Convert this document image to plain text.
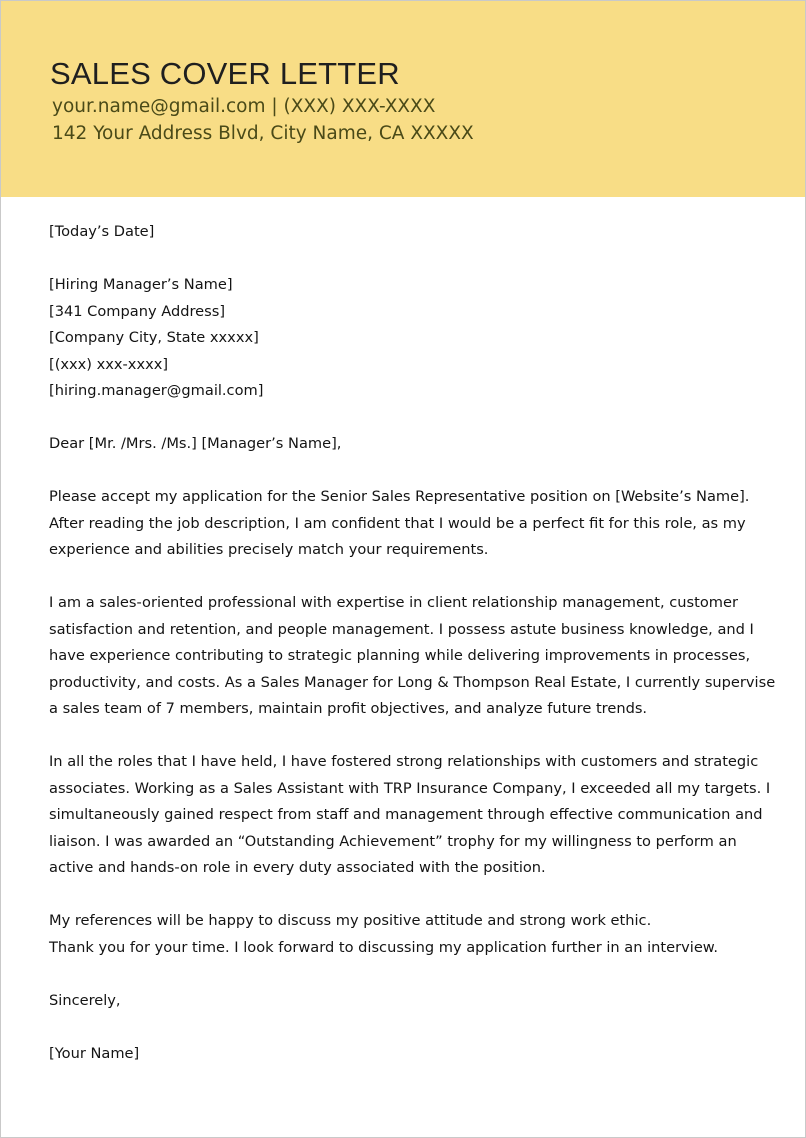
SALES COVER LETTER
your.name@gmail.com | (XXX) XXX-XXXX
142 Your Address Blvd, City Name, CA XXXXX
[Today’s Date]
[Hiring Manager’s Name]
[341 Company Address]
[Company City, State xxxxx]
[(xxx) xxx-xxxx]
[hiring.manager@gmail.com]
Dear [Mr. /Mrs. /Ms.] [Manager’s Name],
Please accept my application for the Senior Sales Representative position on [Website’s Name].
After reading the job description, I am confident that I would be a perfect fit for this role, as my
experience and abilities precisely match your requirements.
I am a sales-oriented professional with expertise in client relationship management, customer
satisfaction and retention, and people management. I possess astute business knowledge, and I
have experience contributing to strategic planning while delivering improvements in processes,
productivity, and costs. As a Sales Manager for Long & Thompson Real Estate, I currently supervise
a sales team of 7 members, maintain profit objectives, and analyze future trends.
In all the roles that I have held, I have fostered strong relationships with customers and strategic
associates. Working as a Sales Assistant with TRP Insurance Company, I exceeded all my targets. I
simultaneously gained respect from staff and management through effective communication and
liaison. I was awarded an “Outstanding Achievement” trophy for my willingness to perform an
active and hands-on role in every duty associated with the position.
My references will be happy to discuss my positive attitude and strong work ethic.
Thank you for your time. I look forward to discussing my application further in an interview.
Sincerely,
[Your Name]
